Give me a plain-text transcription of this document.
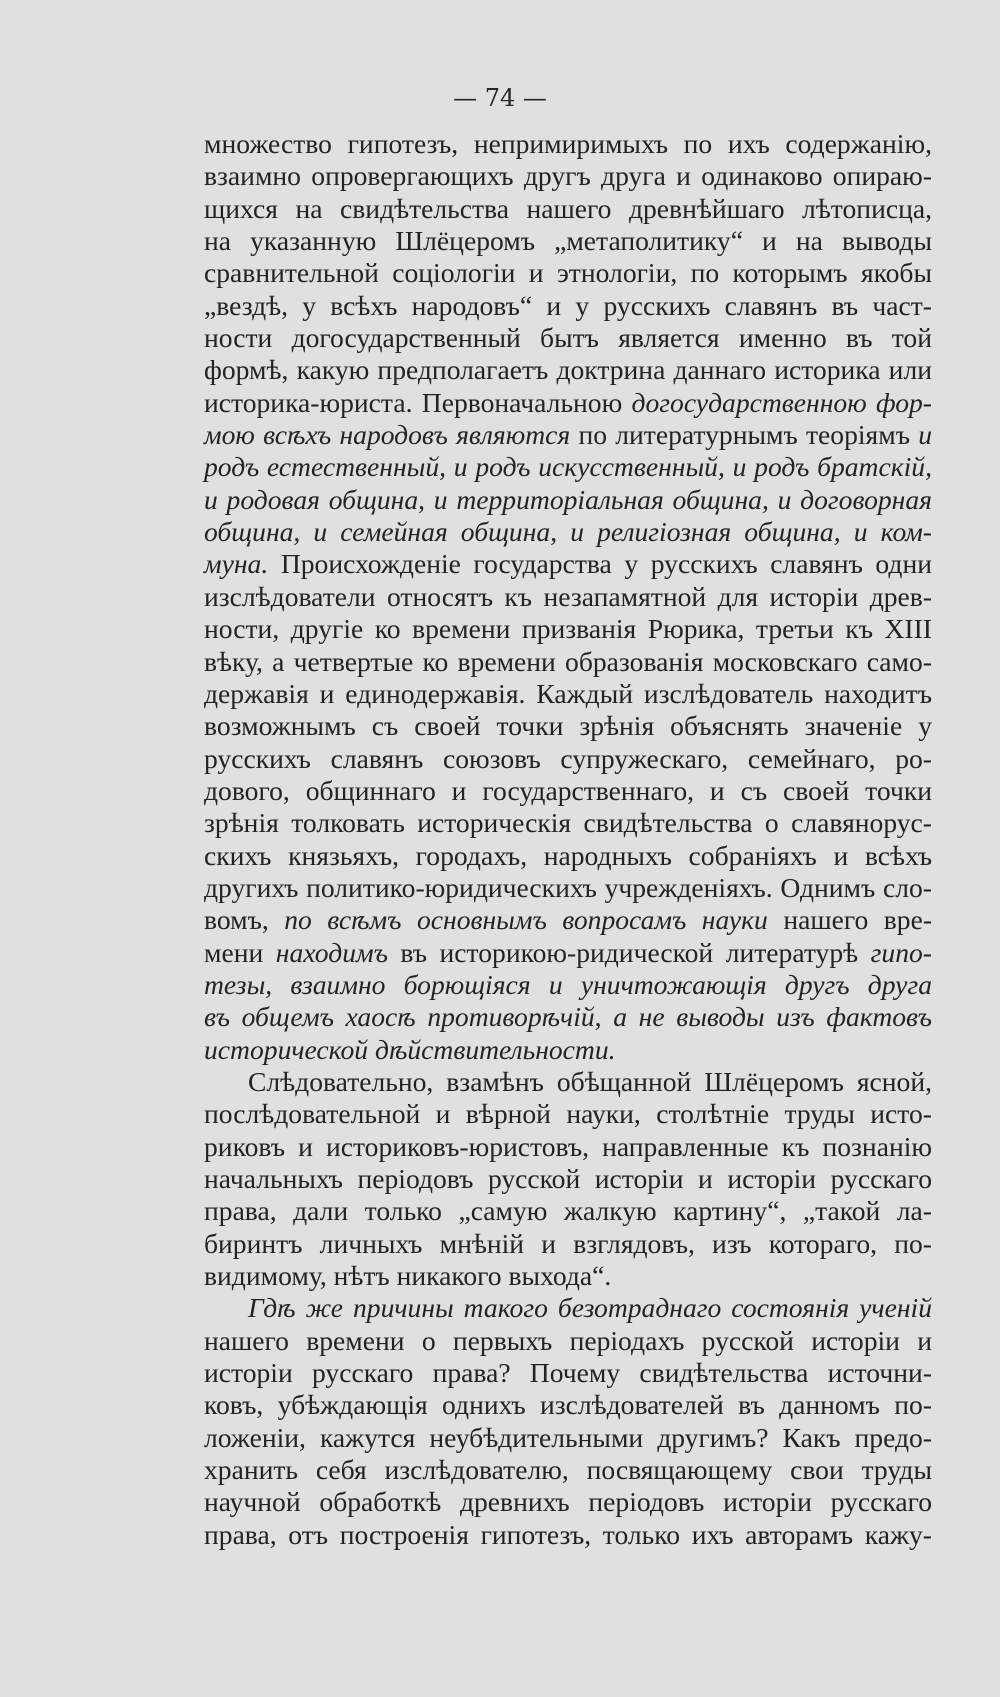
— 74 —
множество гипотезъ, непримиримыхъ по ихъ содержанію,
взаимно опровергающихъ другъ друга и одинаково опираю-
щихся на свидѣтельства нашего древнѣйшаго лѣтописца,
на указанную Шлёцеромъ „метаполитику“ и на выводы
сравнительной соціологіи и этнологіи, по которымъ якобы
„вездѣ, у всѣхъ народовъ“ и у русскихъ славянъ въ част-
ности догосударственный бытъ является именно въ той
формѣ, какую предполагаетъ доктрина даннаго историка или
историка-юриста. Первоначальною догосударственною фор-
мою всѣхъ народовъ являются по литературнымъ теоріямъ и
родъ естественный, и родъ искусственный, и родъ братскій,
и родовая община, и территоріальная община, и договорная
община, и семейная община, и религіозная община, и ком-
муна. Происхожденіе государства у русскихъ славянъ одни
изслѣдователи относятъ къ незапамятной для исторіи древ-
ности, другіе ко времени призванія Рюрика, третьи къ XIII
вѣку, а четвертые ко времени образованія московскаго само-
державія и единодержавія. Каждый изслѣдователь находитъ
возможнымъ съ своей точки зрѣнія объяснять значеніе у
русскихъ славянъ союзовъ супружескаго, семейнаго, ро-
дового, общиннаго и государственнаго, и съ своей точки
зрѣнія толковать историческія свидѣтельства о славянорус-
скихъ князьяхъ, городахъ, народныхъ собраніяхъ и всѣхъ
другихъ политико-юридическихъ учрежденіяхъ. Однимъ сло-
вомъ, по всѣмъ основнымъ вопросамъ науки нашего вре-
мени находимъ въ историкою-ридической литературѣ гипо-
тезы, взаимно борющіяся и уничтожающія другъ друга
въ общемъ хаосѣ противорѣчій, а не выводы изъ фактовъ
исторической дѣйствительности.
Слѣдовательно, взамѣнъ обѣщанной Шлёцеромъ ясной,
послѣдовательной и вѣрной науки, столѣтніе труды исто-
риковъ и историковъ-юристовъ, направленные къ познанію
начальныхъ періодовъ русской исторіи и исторіи русскаго
права, дали только „самую жалкую картину“, „такой ла-
биринтъ личныхъ мнѣній и взглядовъ, изъ котораго, по-
видимому, нѣтъ никакого выхода“.
Гдѣ же причины такого безотраднаго состоянія ученій
нашего времени о первыхъ періодахъ русской исторіи и
исторіи русскаго права? Почему свидѣтельства источни-
ковъ, убѣждающія однихъ изслѣдователей въ данномъ по-
ложеніи, кажутся неубѣдительными другимъ? Какъ предо-
хранить себя изслѣдователю, посвящающему свои труды
научной обработкѣ древнихъ періодовъ исторіи русскаго
права, отъ построенія гипотезъ, только ихъ авторамъ кажу-
